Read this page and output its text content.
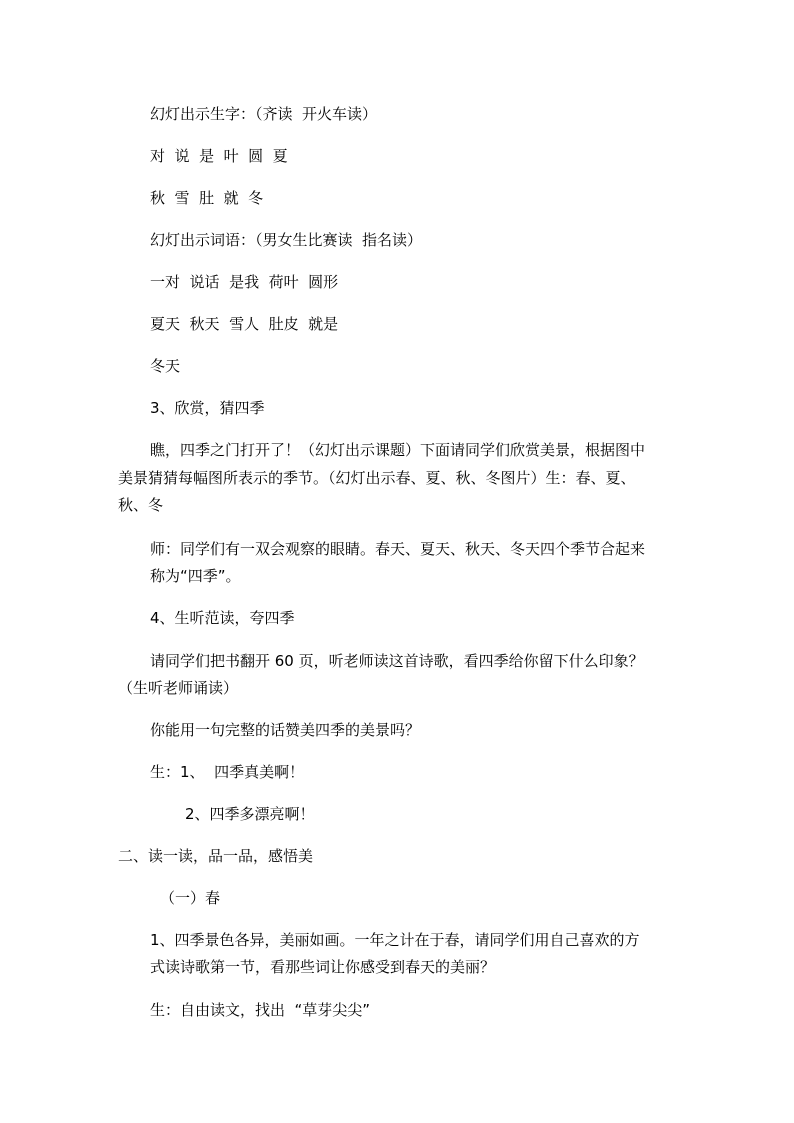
幻灯出示生字：（齐读  开火车读）
对  说  是  叶  圆  夏
秋  雪  肚  就  冬
幻灯出示词语：（男女生比赛读  指名读）
一对  说话  是我  荷叶  圆形
夏天  秋天  雪人  肚皮  就是
冬天
3、欣赏，猜四季
瞧，四季之门打开了！（幻灯出示课题）下面请同学们欣赏美景，根据图中
美景猜猜每幅图所表示的季节。（幻灯出示春、夏、秋、冬图片）生：春、夏、
秋、冬
师：同学们有一双会观察的眼睛。春天、夏天、秋天、冬天四个季节合起来
称为“四季”。
4、生听范读，夸四季
请同学们把书翻开 60 页，听老师读这首诗歌，看四季给你留下什么印象？
（生听老师诵读）
你能用一句完整的话赞美四季的美景吗？
生：1、  四季真美啊！
2、四季多漂亮啊！
二、读一读，品一品，感悟美
（一）春
1、四季景色各异，美丽如画。一年之计在于春，请同学们用自己喜欢的方
式读诗歌第一节，看那些词让你感受到春天的美丽？
生：自由读文，找出  “草芽尖尖”
